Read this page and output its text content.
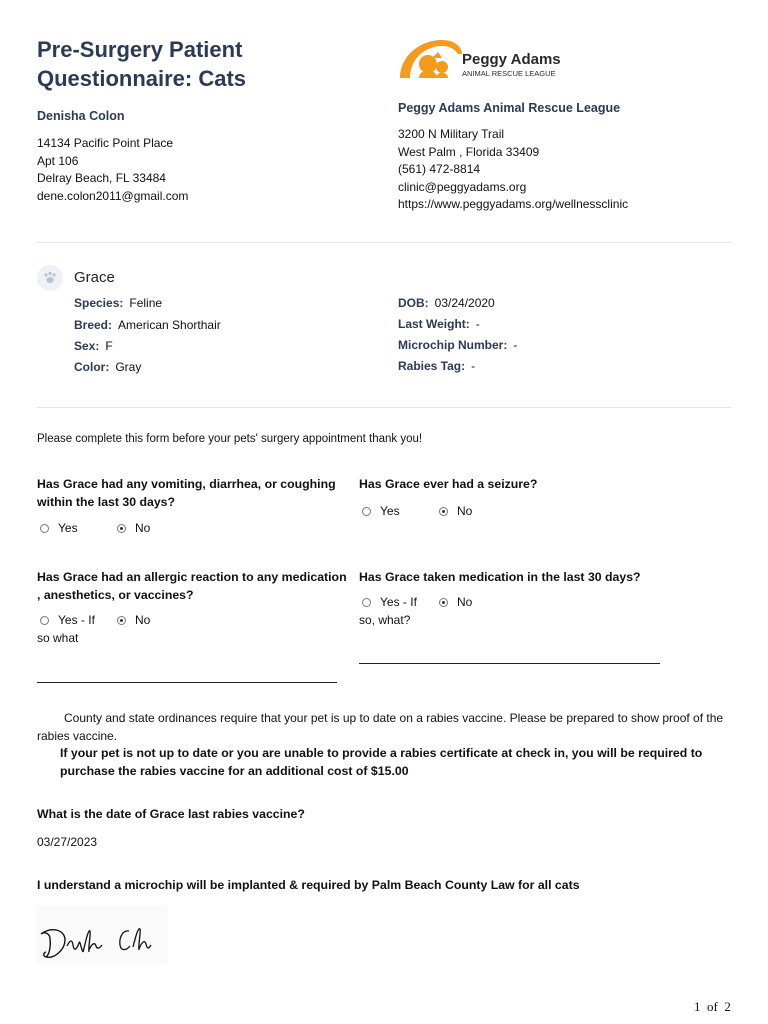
Pre-Surgery Patient
Questionnaire: Cats
Denisha Colon
14134 Pacific Point Place
Apt 106
Delray Beach, FL 33484
dene.colon2011@gmail.com
Peggy Adams
ANIMAL RESCUE LEAGUE
Peggy Adams Animal Rescue League
3200 N Military Trail
West Palm , Florida 33409
(561) 472-8814
clinic@peggyadams.org
https://www.peggyadams.org/wellnessclinic
Grace
Species: Feline
Breed: American Shorthair
Sex: F
Color: Gray
DOB: 03/24/2020
Last Weight: -
Microchip Number: -
Rabies Tag: -
Please complete this form before your pets' surgery appointment thank you!
Has Grace had any vomiting, diarrhea, or coughing
within the last 30 days?
Yes	No
Has Grace ever had a seizure?
Yes	No
Has Grace had an allergic reaction to any medication
, anesthetics, or vaccines?
Yes - If
so what
No
Has Grace taken medication in the last 30 days?
Yes - If
so, what?
No
County and state ordinances require that your pet is up to date on a rabies vaccine. Please be prepared to show proof of the rabies vaccine.
If your pet is not up to date or you are unable to provide a rabies certificate at check in, you will be required to purchase the rabies vaccine for an additional cost of $15.00
What is the date of Grace last rabies vaccine?
03/27/2023
I understand a microchip will be implanted & required by Palm Beach County Law for all cats
1  of  2
